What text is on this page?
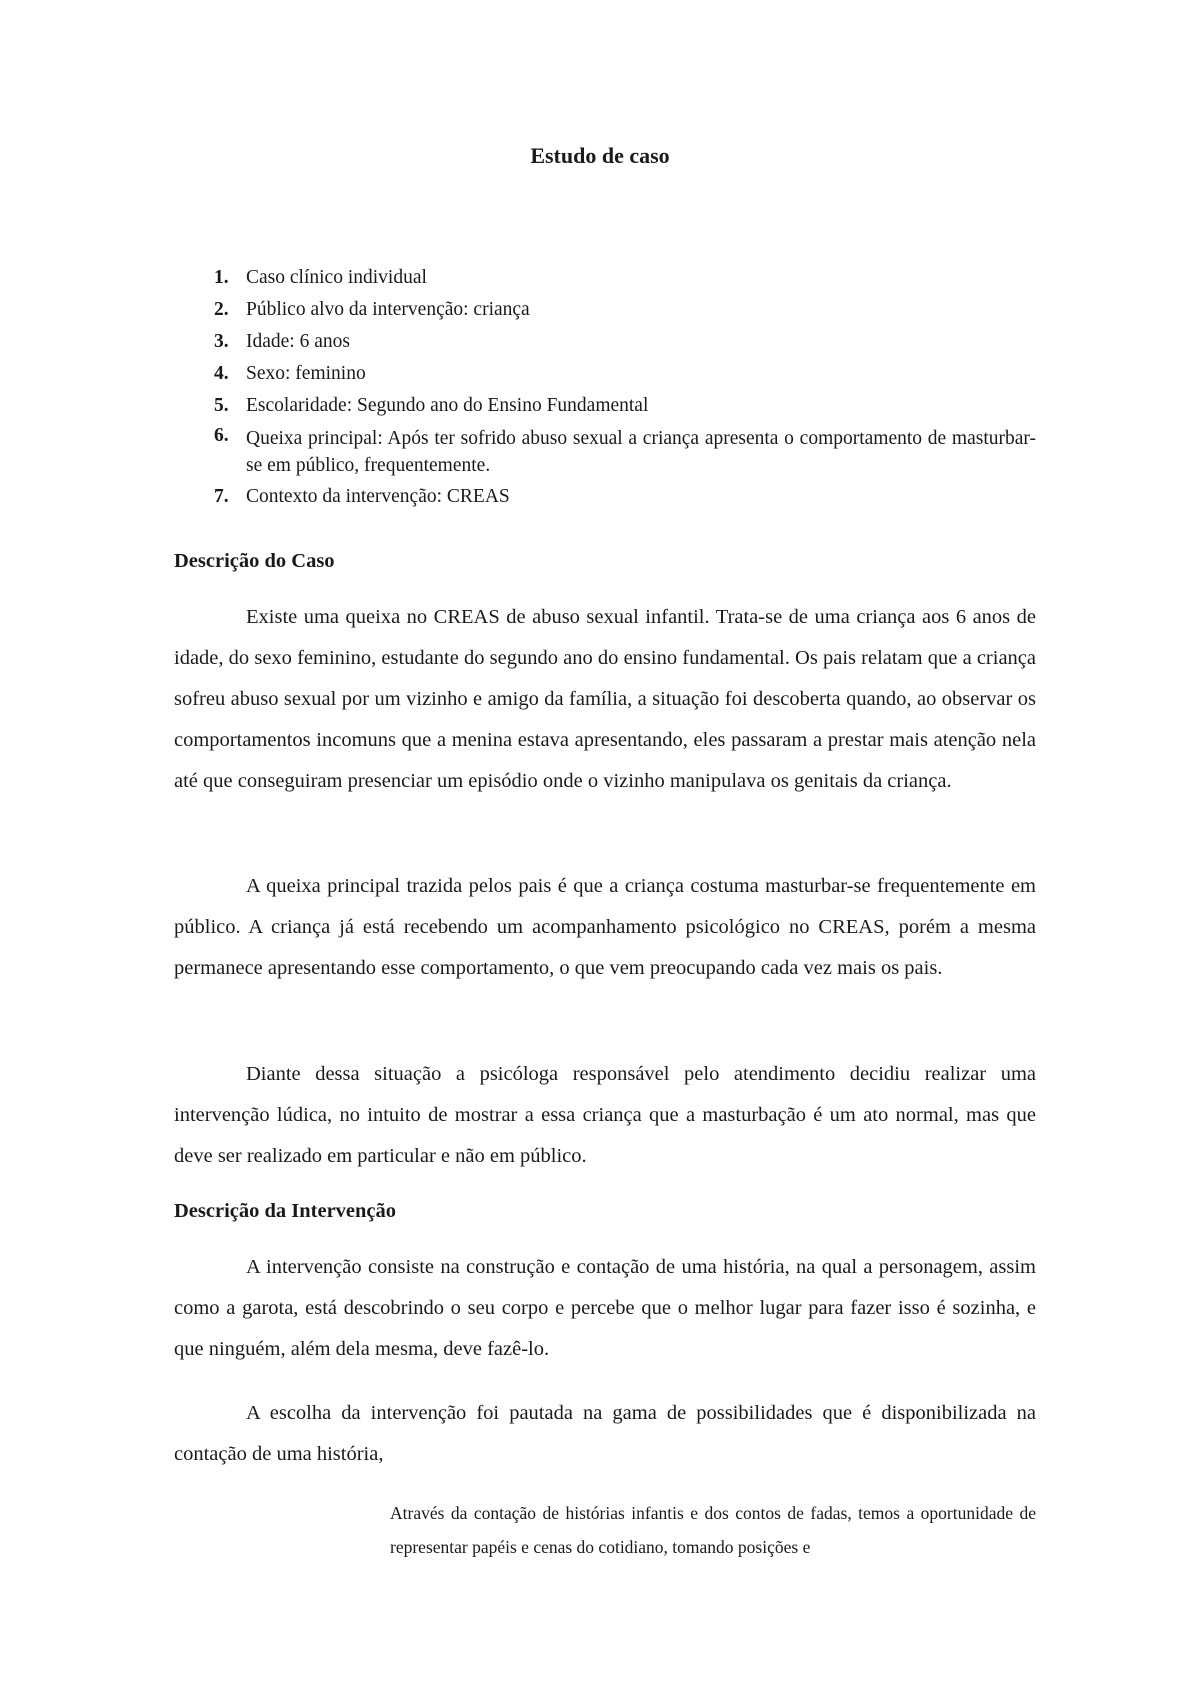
Estudo de caso
1. Caso clínico individual
2. Público alvo da intervenção: criança
3. Idade: 6 anos
4. Sexo: feminino
5. Escolaridade: Segundo ano do Ensino Fundamental
6. Queixa principal: Após ter sofrido abuso sexual a criança apresenta o comportamento de masturbar-se em público, frequentemente.
7. Contexto da intervenção: CREAS
Descrição do Caso

Existe uma queixa no CREAS de abuso sexual infantil. Trata-se de uma criança aos 6 anos de idade, do sexo feminino, estudante do segundo ano do ensino fundamental. Os pais relatam que a criança sofreu abuso sexual por um vizinho e amigo da família, a situação foi descoberta quando, ao observar os comportamentos incomuns que a menina estava apresentando, eles passaram a prestar mais atenção nela até que conseguiram presenciar um episódio onde o vizinho manipulava os genitais da criança.

A queixa principal trazida pelos pais é que a criança costuma masturbar-se frequentemente em público. A criança já está recebendo um acompanhamento psicológico no CREAS, porém a mesma permanece apresentando esse comportamento, o que vem preocupando cada vez mais os pais.

Diante dessa situação a psicóloga responsável pelo atendimento decidiu realizar uma intervenção lúdica, no intuito de mostrar a essa criança que a masturbação é um ato normal, mas que deve ser realizado em particular e não em público.

Descrição da Intervenção

A intervenção consiste na construção e contação de uma história, na qual a personagem, assim como a garota, está descobrindo o seu corpo e percebe que o melhor lugar para fazer isso é sozinha, e que ninguém, além dela mesma, deve fazê-lo.

A escolha da intervenção foi pautada na gama de possibilidades que é disponibilizada na contação de uma história,

Através da contação de histórias infantis e dos contos de fadas, temos a oportunidade de representar papéis e cenas do cotidiano, tomando posições e
